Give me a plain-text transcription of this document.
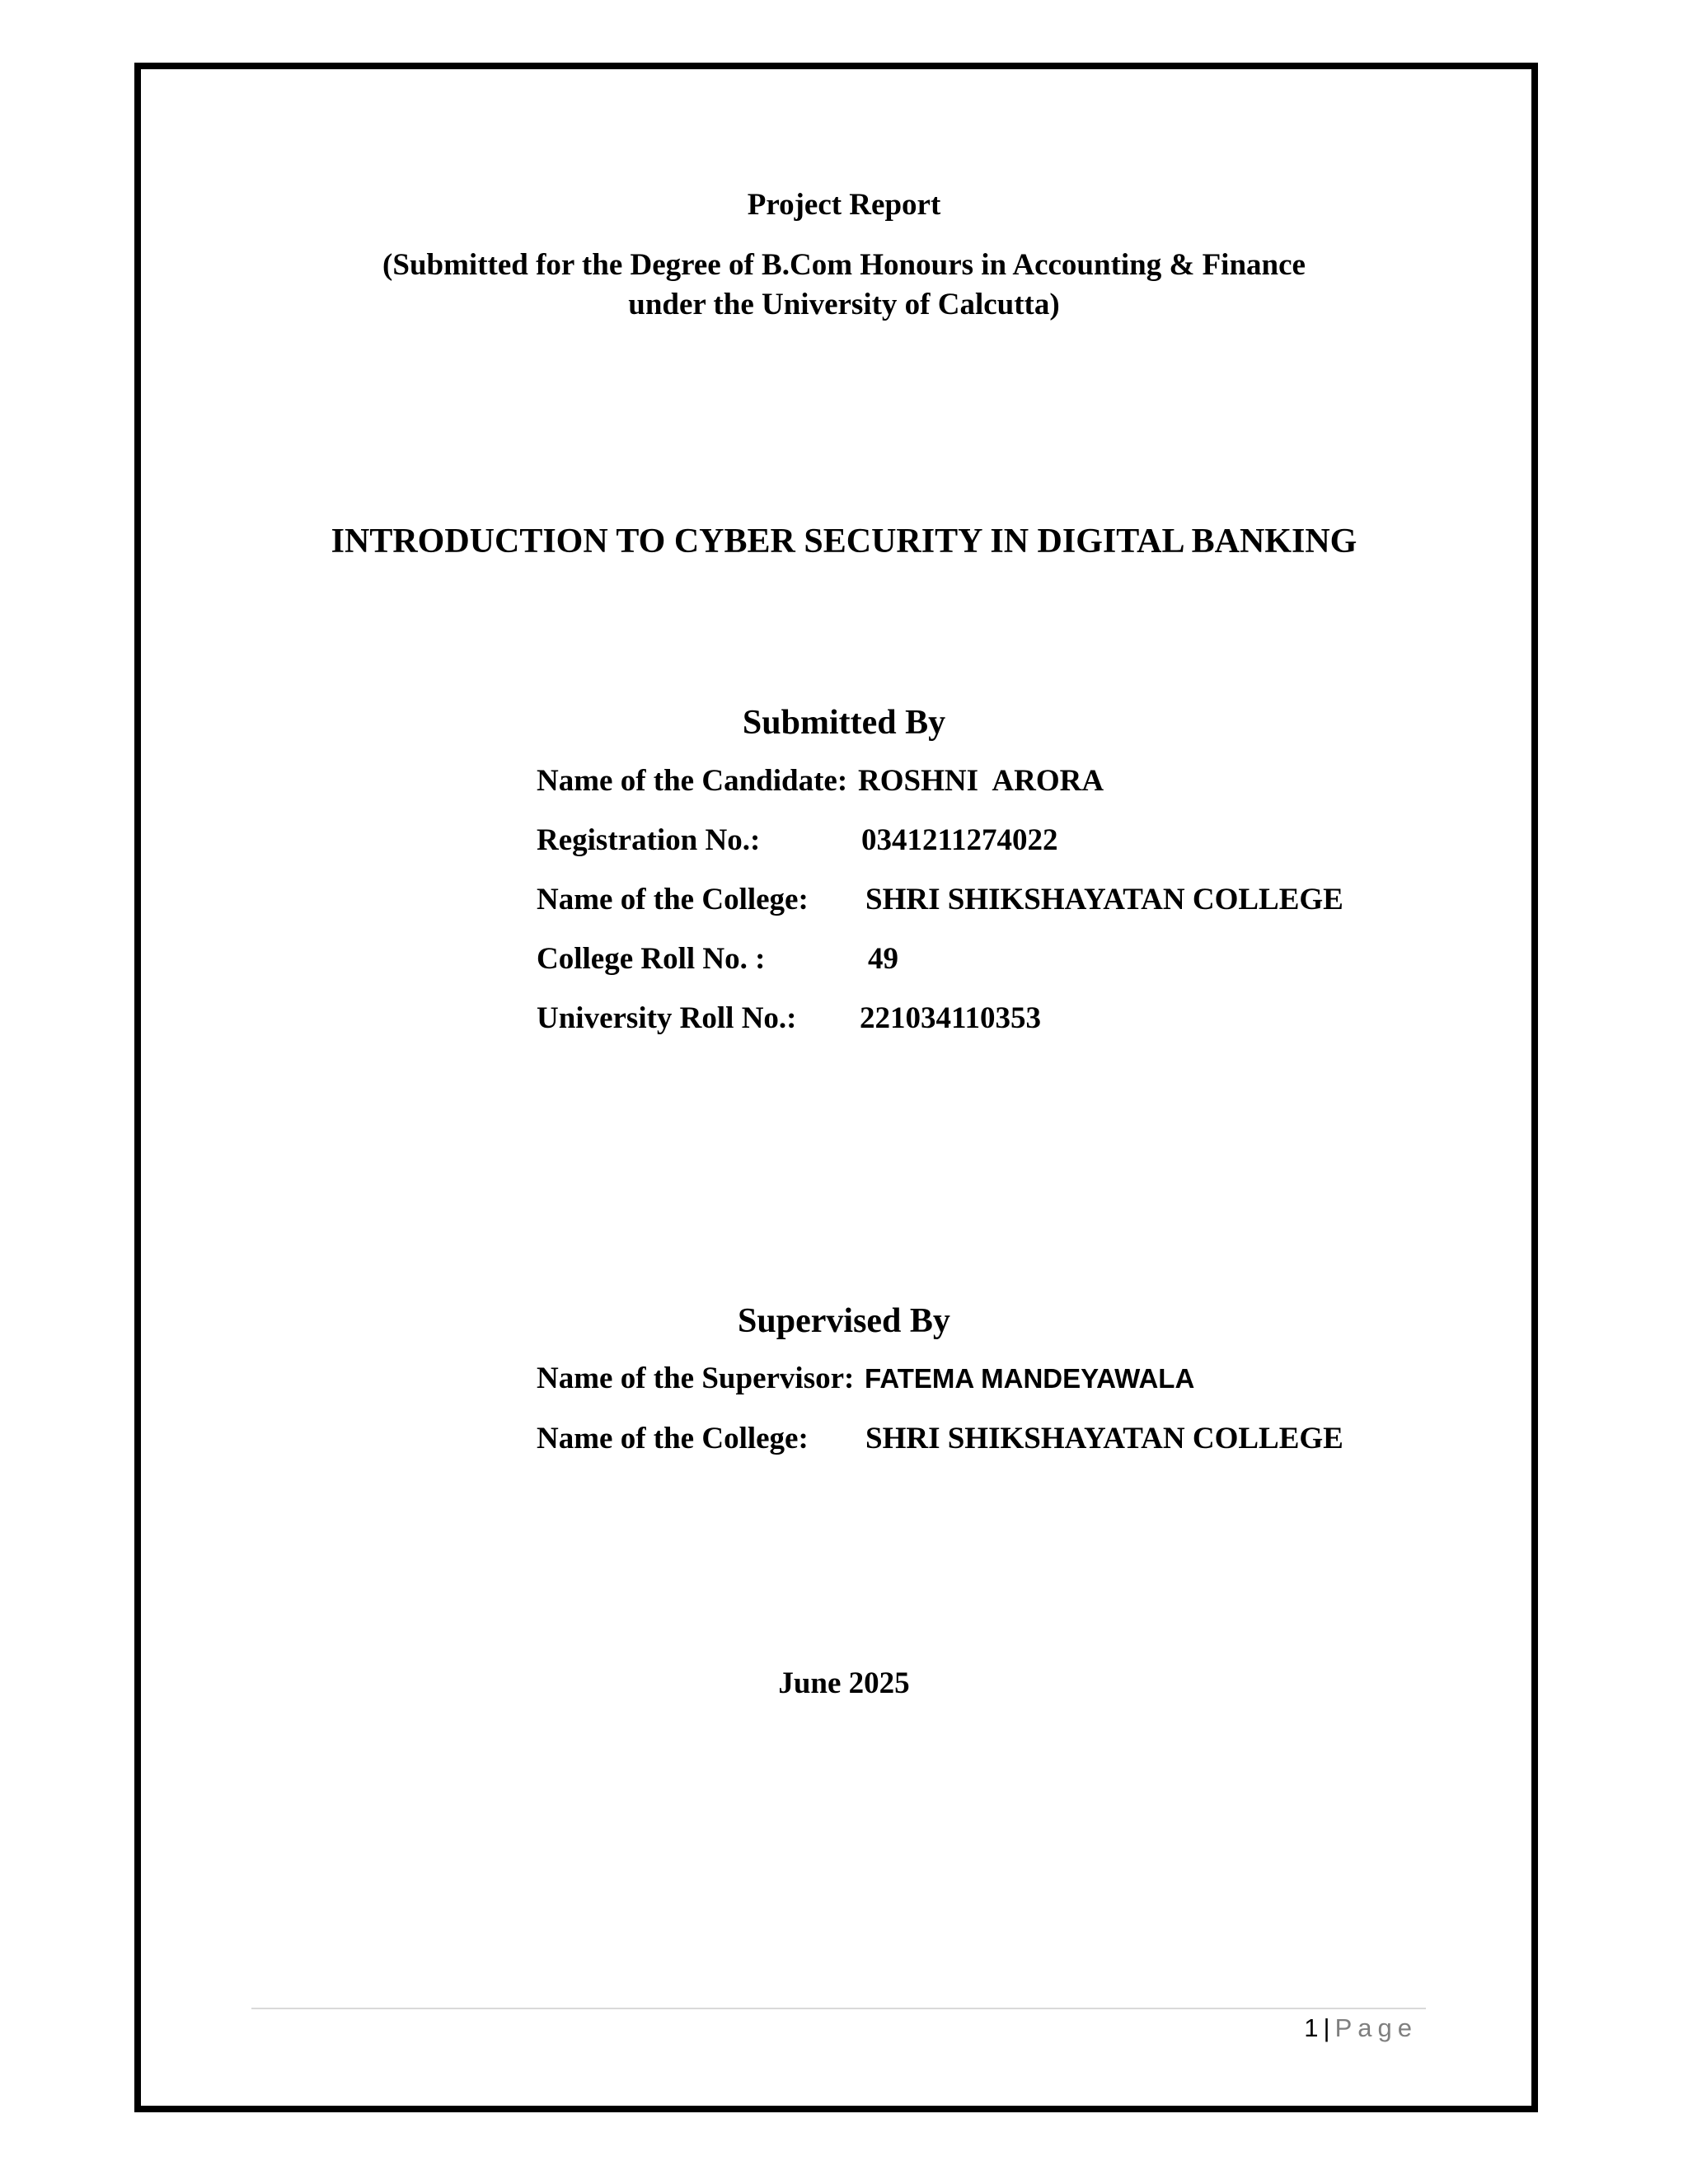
Project Report
(Submitted for the Degree of B.Com Honours in Accounting & Finance
under the University of Calcutta)
INTRODUCTION TO CYBER SECURITY IN DIGITAL BANKING
Submitted By
Name of the Candidate: ROSHNI  ARORA
Registration No.:	0341211274022
Name of the College: SHRI SHIKSHAYATAN COLLEGE
College Roll No. :	49
University Roll No.: 221034110353
Supervised By
Name of the Supervisor: FATEMA MANDEYAWALA
Name of the College: SHRI SHIKSHAYATAN COLLEGE
June 2025
1 | Page
